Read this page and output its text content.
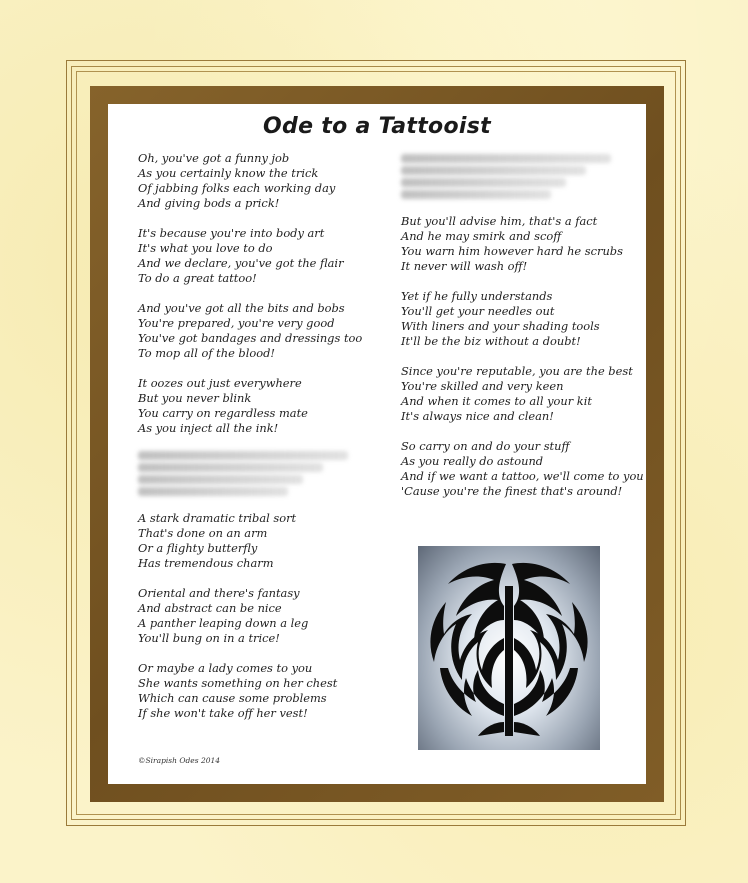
Ode to a Tattooist
Oh, you've got a funny job
As you certainly know the trick
Of jabbing folks each working day
And giving bods a prick!
It's because you're into body art
It's what you love to do
And we declare, you've got the flair
To do a great tattoo!
And you've got all the bits and bobs
You're prepared, you're very good
You've got bandages and dressings too
To mop all of the blood!
It oozes out just everywhere
But you never blink
You carry on regardless mate
As you inject all the ink!
A stark dramatic tribal sort
That's done on an arm
Or a flighty butterfly
Has tremendous charm
Oriental and there's fantasy
And abstract can be nice
A panther leaping down a leg
You'll bung on in a trice!
Or maybe a lady comes to you
She wants something on her chest
Which can cause some problems
If she won't take off her vest!
But you'll advise him, that's a fact
And he may smirk and scoff
You warn him however hard he scrubs
It never will wash off!
Yet if he fully understands
You'll get your needles out
With liners and your shading tools
It'll be the biz without a doubt!
Since you're reputable, you are the best
You're skilled and very keen
And when it comes to all your kit
It's always nice and clean!
So carry on and do your stuff
As you really do astound
And if we want a tattoo, we'll come to you
'Cause you're the finest that's around!
©Sirapish Odes 2014
